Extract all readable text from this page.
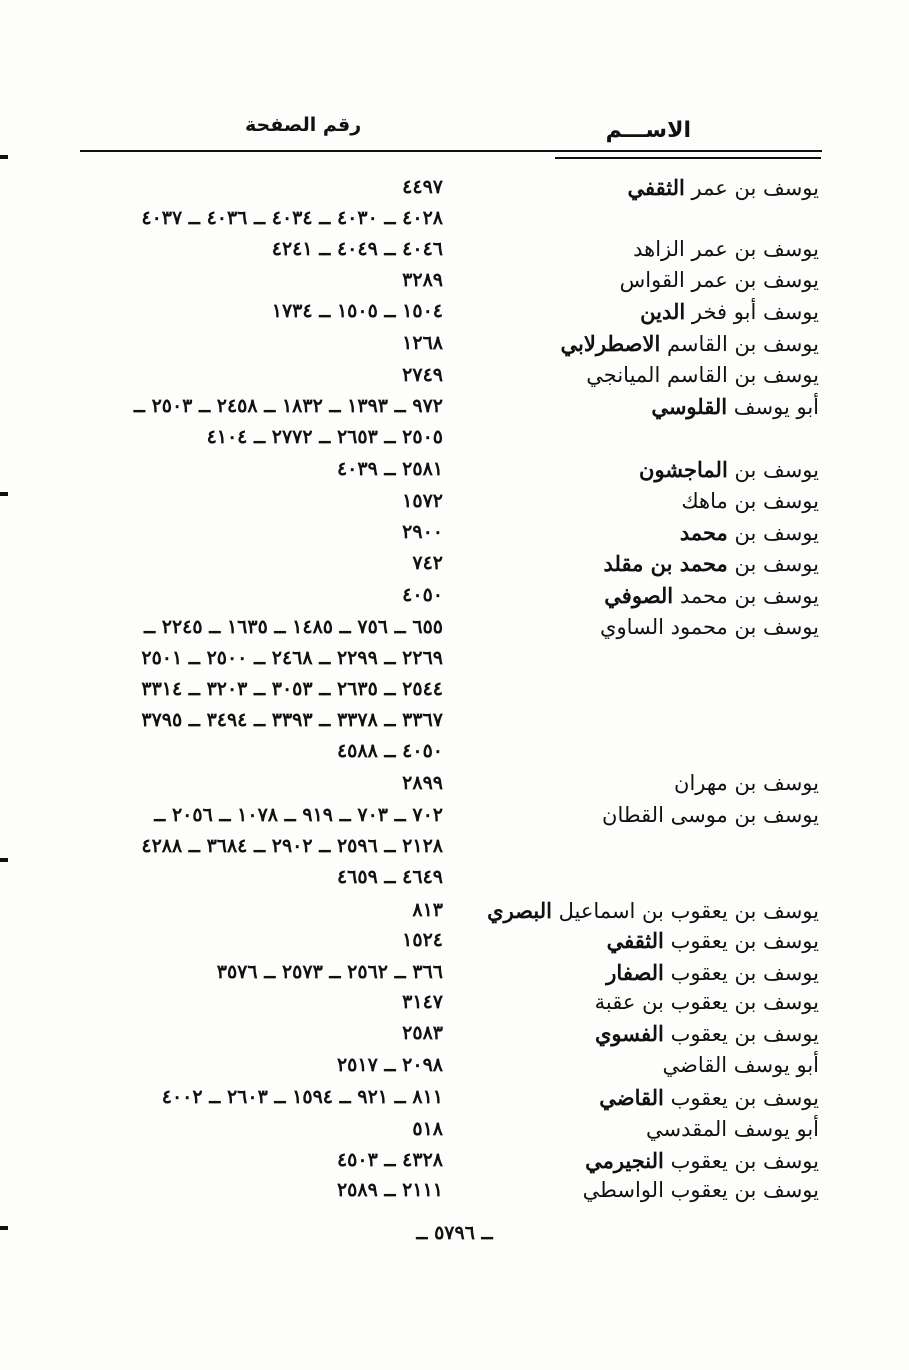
الاســـم
رقم الصفحة
يوسف بن عمر الثقفي
٤٤٩٧
٤٠٢٨ ــ ٤٠٣٠ ــ ٤٠٣٤ ــ ٤٠٣٦ ــ ٤٠٣٧
يوسف بن عمر الزاهد
٤٠٤٦ ــ ٤٠٤٩ ــ ٤٢٤١
يوسف بن عمر القواس
٣٢٨٩
يوسف أبو فخر الدين
١٥٠٤ ــ ١٥٠٥ ــ ١٧٣٤
يوسف بن القاسم الاصطرلابي
١٢٦٨
يوسف بن القاسم الميانجي
٢٧٤٩
أبو يوسف القلوسي
٩٧٢ ــ ١٣٩٣ ــ ١٨٣٢ ــ ٢٤٥٨ ــ ٢٥٠٣ ــ
٢٥٠٥ ــ ٢٦٥٣ ــ ٢٧٧٢ ــ ٤١٠٤
يوسف بن الماجشون
٢٥٨١ ــ ٤٠٣٩
يوسف بن ماهك
١٥٧٢
يوسف بن محمد
٢٩٠٠
يوسف بن محمد بن مقلد
٧٤٢
يوسف بن محمد الصوفي
٤٠٥٠
يوسف بن محمود الساوي
٦٥٥ ــ ٧٥٦ ــ ١٤٨٥ ــ ١٦٣٥ ــ ٢٢٤٥ ــ
٢٢٦٩ ــ ٢٢٩٩ ــ ٢٤٦٨ ــ ٢٥٠٠ ــ ٢٥٠١
٢٥٤٤ ــ ٢٦٣٥ ــ ٣٠٥٣ ــ ٣٢٠٣ ــ ٣٣١٤
٣٣٦٧ ــ ٣٣٧٨ ــ ٣٣٩٣ ــ ٣٤٩٤ ــ ٣٧٩٥
٤٠٥٠ ــ ٤٥٨٨
يوسف بن مهران
٢٨٩٩
يوسف بن موسى القطان
٧٠٢ ــ ٧٠٣ ــ ٩١٩ ــ ١٠٧٨ ــ ٢٠٥٦ ــ
٢١٢٨ ــ ٢٥٩٦ ــ ٢٩٠٢ ــ ٣٦٨٤ ــ ٤٢٨٨
٤٦٤٩ ــ ٤٦٥٩
يوسف بن يعقوب بن اسماعيل البصري
٨١٣
يوسف بن يعقوب الثقفي
١٥٢٤
يوسف بن يعقوب الصفار
٣٦٦ ــ ٢٥٦٢ ــ ٢٥٧٣ ــ ٣٥٧٦
يوسف بن يعقوب بن عقبة
٣١٤٧
يوسف بن يعقوب الفسوي
٢٥٨٣
أبو يوسف القاضي
٢٠٩٨ ــ ٢٥١٧
يوسف بن يعقوب القاضي
٨١١ ــ ٩٢١ ــ ١٥٩٤ ــ ٢٦٠٣ ــ ٤٠٠٢
أبو يوسف المقدسي
٥١٨
يوسف بن يعقوب النجيرمي
٤٣٢٨ ــ ٤٥٠٣
يوسف بن يعقوب الواسطي
٢١١١ ــ ٢٥٨٩
ــ ٥٧٩٦ ــ
